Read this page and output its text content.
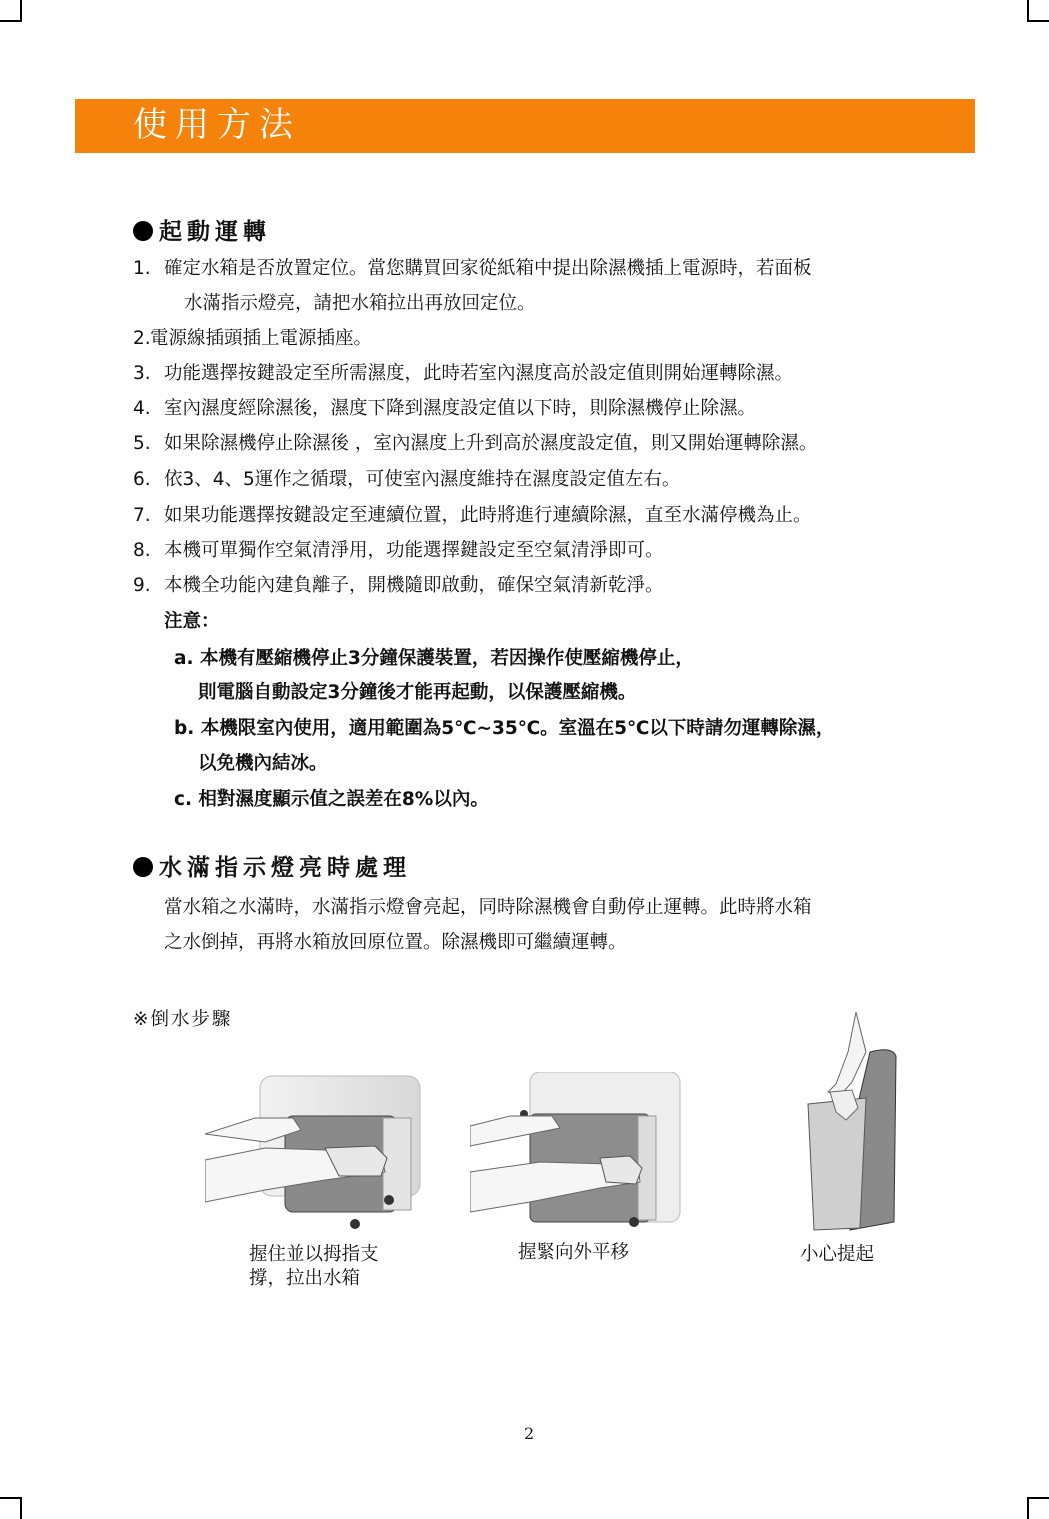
使用方法
起動運轉
1. 確定水箱是否放置定位。當您購買回家從紙箱中提出除濕機插上電源時，若面板
水滿指示燈亮，請把水箱拉出再放回定位。
2. 電源線插頭插上電源插座。
3. 功能選擇按鍵設定至所需濕度，此時若室內濕度高於設定值則開始運轉除濕。
4. 室內濕度經除濕後，濕度下降到濕度設定值以下時，則除濕機停止除濕。
5. 如果除濕機停止除濕後 ，室內濕度上升到高於濕度設定值，則又開始運轉除濕。
6. 依3、4、5運作之循環，可使室內濕度維持在濕度設定值左右。
7. 如果功能選擇按鍵設定至連續位置，此時將進行連續除濕，直至水滿停機為止。
8. 本機可單獨作空氣清淨用，功能選擇鍵設定至空氣清淨即可。
9. 本機全功能內建負離子，開機隨即啟動，確保空氣清新乾淨。
注意：
a. 本機有壓縮機停止3分鐘保護裝置，若因操作使壓縮機停止，
則電腦自動設定3分鐘後才能再起動，以保護壓縮機。
b. 本機限室內使用，適用範圍為5℃~35℃。室溫在5℃以下時請勿運轉除濕，
以免機內結冰。
c. 相對濕度顯示值之誤差在8%以內。
水滿指示燈亮時處理
當水箱之水滿時，水滿指示燈會亮起，同時除濕機會自動停止運轉。此時將水箱
之水倒掉，再將水箱放回原位置。除濕機即可繼續運轉。
※倒水步驟
握住並以拇指支
撐，拉出水箱
握緊向外平移	小心提起
2
